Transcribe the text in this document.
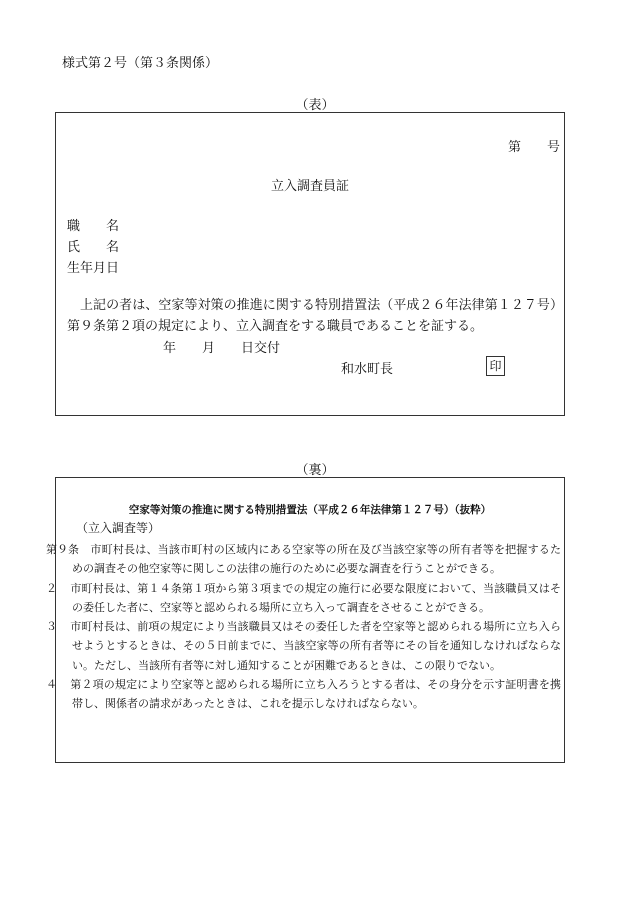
様式第２号（第３条関係）
（表）
第　　号
立入調査員証
職　　名
氏　　名
生年月日
上記の者は、空家等対策の推進に関する特別措置法（平成２６年法律第１２７号）第９条第２項の規定により、立入調査をする職員であることを証する。
年　　月　　日交付
和水町長	印
（裏）
空家等対策の推進に関する特別措置法（平成２６年法律第１２７号）（抜粋）
（立入調査等）

第９条　市町村長は、当該市町村の区域内にある空家等の所在及び当該空家等の所有者等を把握するための調査その他空家等に関しこの法律の施行のために必要な調査を行うことができる。

２　市町村長は、第１４条第１項から第３項までの規定の施行に必要な限度において、当該職員又はその委任した者に、空家等と認められる場所に立ち入って調査をさせることができる。

３　市町村長は、前項の規定により当該職員又はその委任した者を空家等と認められる場所に立ち入らせようとするときは、その５日前までに、当該空家等の所有者等にその旨を通知しなければならない。ただし、当該所有者等に対し通知することが困難であるときは、この限りでない。

４　第２項の規定により空家等と認められる場所に立ち入ろうとする者は、その身分を示す証明書を携帯し、関係者の請求があったときは、これを提示しなければならない。
